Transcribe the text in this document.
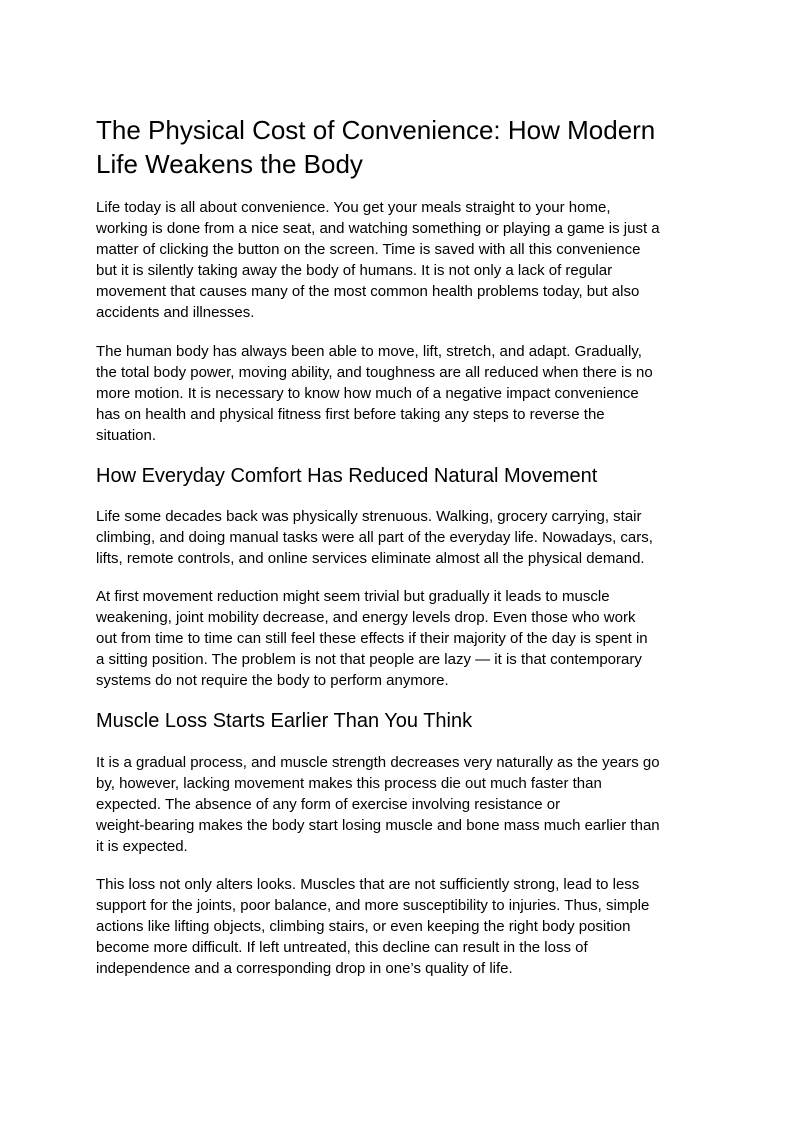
The Physical Cost of Convenience: How Modern
Life Weakens the Body

Life today is all about convenience. You get your meals straight to your home,
working is done from a nice seat, and watching something or playing a game is just a
matter of clicking the button on the screen. Time is saved with all this convenience
but it is silently taking away the body of humans. It is not only a lack of regular
movement that causes many of the most common health problems today, but also
accidents and illnesses.

The human body has always been able to move, lift, stretch, and adapt. Gradually,
the total body power, moving ability, and toughness are all reduced when there is no
more motion. It is necessary to know how much of a negative impact convenience
has on health and physical fitness first before taking any steps to reverse the
situation.

How Everyday Comfort Has Reduced Natural Movement

Life some decades back was physically strenuous. Walking, grocery carrying, stair
climbing, and doing manual tasks were all part of the everyday life. Nowadays, cars,
lifts, remote controls, and online services eliminate almost all the physical demand.

At first movement reduction might seem trivial but gradually it leads to muscle
weakening, joint mobility decrease, and energy levels drop. Even those who work
out from time to time can still feel these effects if their majority of the day is spent in
a sitting position. The problem is not that people are lazy — it is that contemporary
systems do not require the body to perform anymore.

Muscle Loss Starts Earlier Than You Think

It is a gradual process, and muscle strength decreases very naturally as the years go
by, however, lacking movement makes this process die out much faster than
expected. The absence of any form of exercise involving resistance or
weight-bearing makes the body start losing muscle and bone mass much earlier than
it is expected.

This loss not only alters looks. Muscles that are not sufficiently strong, lead to less
support for the joints, poor balance, and more susceptibility to injuries. Thus, simple
actions like lifting objects, climbing stairs, or even keeping the right body position
become more difficult. If left untreated, this decline can result in the loss of
independence and a corresponding drop in one’s quality of life.
